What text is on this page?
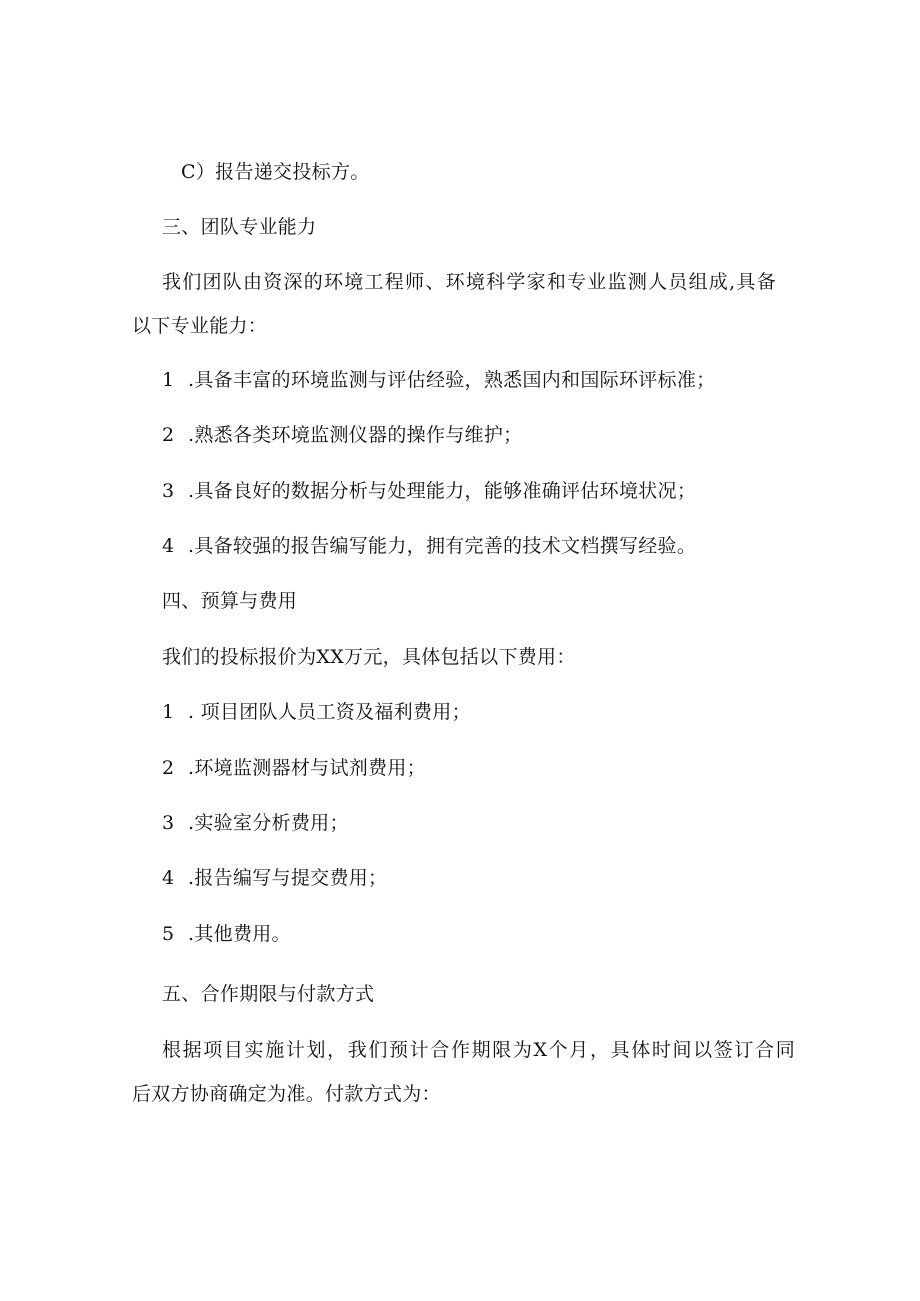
C）报告递交投标方。
三、团队专业能力
我们团队由资深的环境工程师、环境科学家和专业监测人员组成,具备
以下专业能力：
1 .具备丰富的环境监测与评估经验，熟悉国内和国际环评标准；
2 .熟悉各类环境监测仪器的操作与维护；
3 .具备良好的数据分析与处理能力，能够准确评估环境状况；
4 .具备较强的报告编写能力，拥有完善的技术文档撰写经验。
四、预算与费用
我们的投标报价为XX万元，具体包括以下费用：
1 . 项目团队人员工资及福利费用；
2 .环境监测器材与试剂费用；
3 .实验室分析费用；
4 .报告编写与提交费用；
5 .其他费用。
五、合作期限与付款方式
根据项目实施计划，我们预计合作期限为X个月，具体时间以签订合同
后双方协商确定为准。付款方式为：
